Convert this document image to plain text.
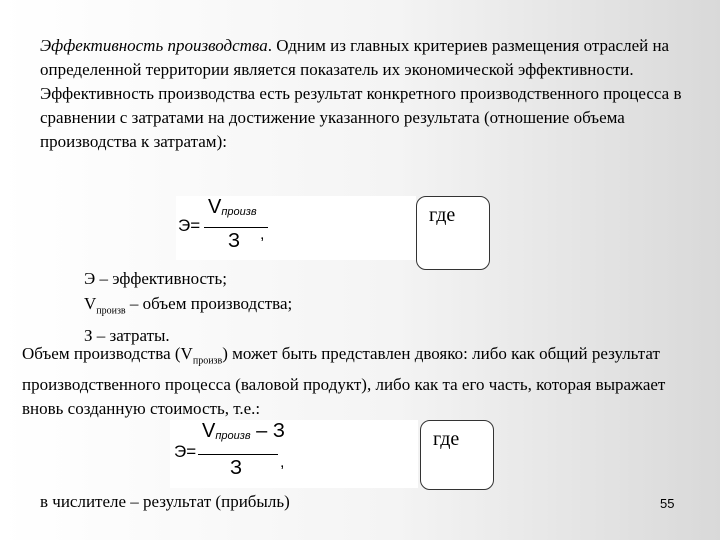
Эффективность производства. Одним из главных критериев размещения отраслей на определенной территории является показатель их экономической эффективности. Эффективность производства есть результат конкретного производственного процесса в сравнении с затратами на достижение указанного результата (отношение объема производства к затратам):

Э=
$V_{произв}$
З ,
где

Э – эффективность;
$V_{произв}$ – объем производства;
З – затраты.

Объем производства $(V_{произв})$ может быть представлен двояко: либо как общий результат производственного процесса (валовой продукт), либо как та его часть, которая выражает вновь созданную стоимость, т.е.:

Э=
$V_{произв}$ – З
З ,
где

в числителе – результат (прибыль)	55
